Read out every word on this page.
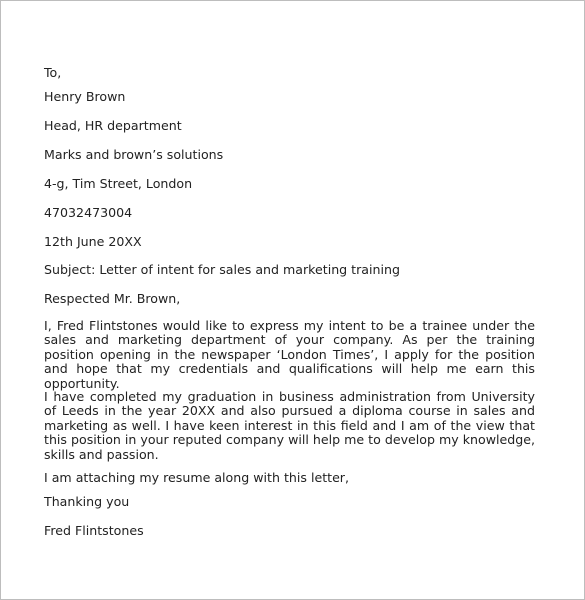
To,
Henry Brown
Head, HR department
Marks and brown’s solutions
4-g, Tim Street, London
47032473004
12th June 20XX
Subject: Letter of intent for sales and marketing training
Respected Mr. Brown,

I, Fred Flintstones would like to express my intent to be a trainee under the sales and marketing department of your company. As per the training position opening in the newspaper ‘London Times’, I apply for the position and hope that my credentials and qualifications will help me earn this opportunity.

I have completed my graduation in business administration from University of Leeds in the year 20XX and also pursued a diploma course in sales and marketing as well. I have keen interest in this field and I am of the view that this position in your reputed company will help me to develop my knowledge, skills and passion.

I am attaching my resume along with this letter,
Thanking you
Fred Flintstones
